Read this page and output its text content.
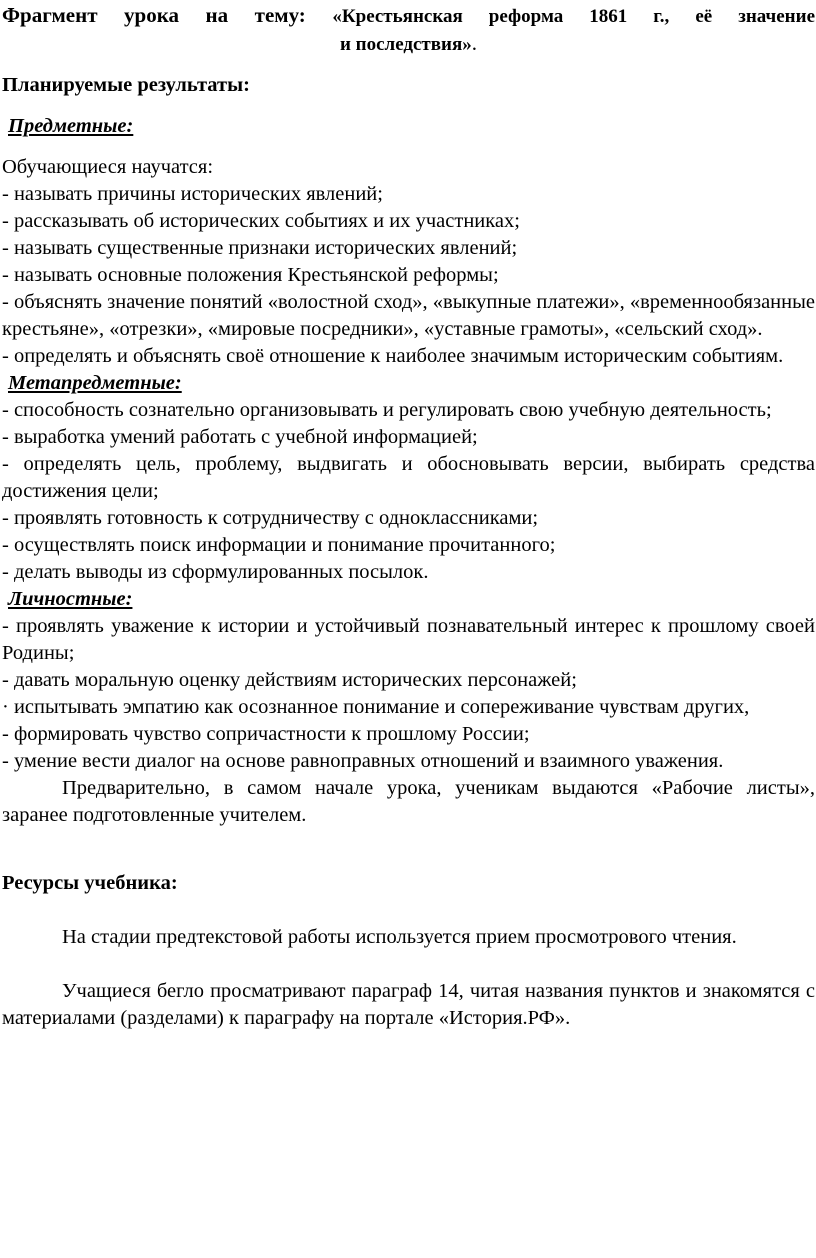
Фрагмент урока на тему: «Крестьянская реформа 1861 г., её значение
и последствия».

Планируемые результаты:

Предметные:

Обучающиеся научатся:

- называть причины исторических явлений;

- рассказывать об исторических событиях и их участниках;

- называть существенные признаки исторических явлений;

- называть основные положения Крестьянской реформы;

- объяснять значение понятий «волостной сход», «выкупные платежи», «временнообязанные крестьяне», «отрезки», «мировые посредники», «уставные грамоты», «сельский сход».

- определять и объяснять своё отношение к наиболее значимым историческим событиям.

Метапредметные:

- способность сознательно организовывать и регулировать свою учебную деятельность;

- выработка умений работать с учебной информацией;

- определять цель, проблему, выдвигать и обосновывать версии, выбирать средства достижения цели;

- проявлять готовность к сотрудничеству с одноклассниками;

- осуществлять поиск информации и понимание прочитанного;

- делать выводы из сформулированных посылок.

Личностные:

- проявлять уважение к истории и устойчивый познавательный интерес к прошлому своей Родины;

- давать моральную оценку действиям исторических персонажей;

· испытывать эмпатию как осознанное понимание и сопереживание чувствам других,

- формировать чувство сопричастности к прошлому России;

- умение вести диалог на основе равноправных отношений и взаимного уважения.

Предварительно, в самом начале урока, ученикам выдаются «Рабочие листы», заранее подготовленные учителем.

Ресурсы учебника:

На стадии предтекстовой работы используется прием просмотрового чтения.

Учащиеся бегло просматривают параграф 14, читая названия пунктов и знакомятся с материалами (разделами) к параграфу на портале «История.РФ».
